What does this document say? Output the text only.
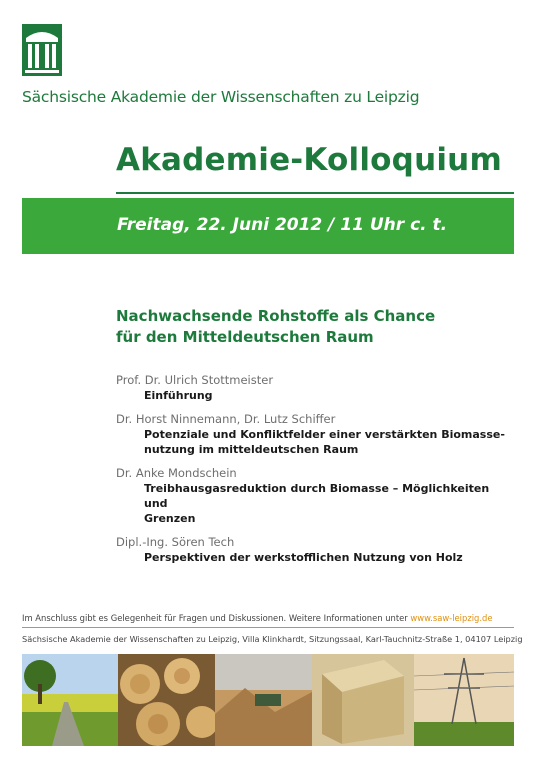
Sächsische Akademie der Wissenschaften zu Leipzig
Akademie-Kolloquium
Freitag, 22. Juni 2012 / 11 Uhr c. t.
Nachwachsende Rohstoffe als Chance
für den Mitteldeutschen Raum
Prof. Dr. Ulrich Stottmeister
Einführung
Dr. Horst Ninnemann, Dr. Lutz Schiffer
Potenziale und Konfliktfelder einer verstärkten Biomasse-
nutzung im mitteldeutschen Raum
Dr. Anke Mondschein
Treibhausgasreduktion durch Biomasse – Möglichkeiten und
Grenzen
Dipl.-Ing. Sören Tech
Perspektiven der werkstofflichen Nutzung von Holz
Im Anschluss gibt es Gelegenheit für Fragen und Diskussionen. Weitere Informationen unter www.saw-leipzig.de
Sächsische Akademie der Wissenschaften zu Leipzig, Villa Klinkhardt, Sitzungssaal, Karl-Tauchnitz-Straße 1, 04107 Leipzig
